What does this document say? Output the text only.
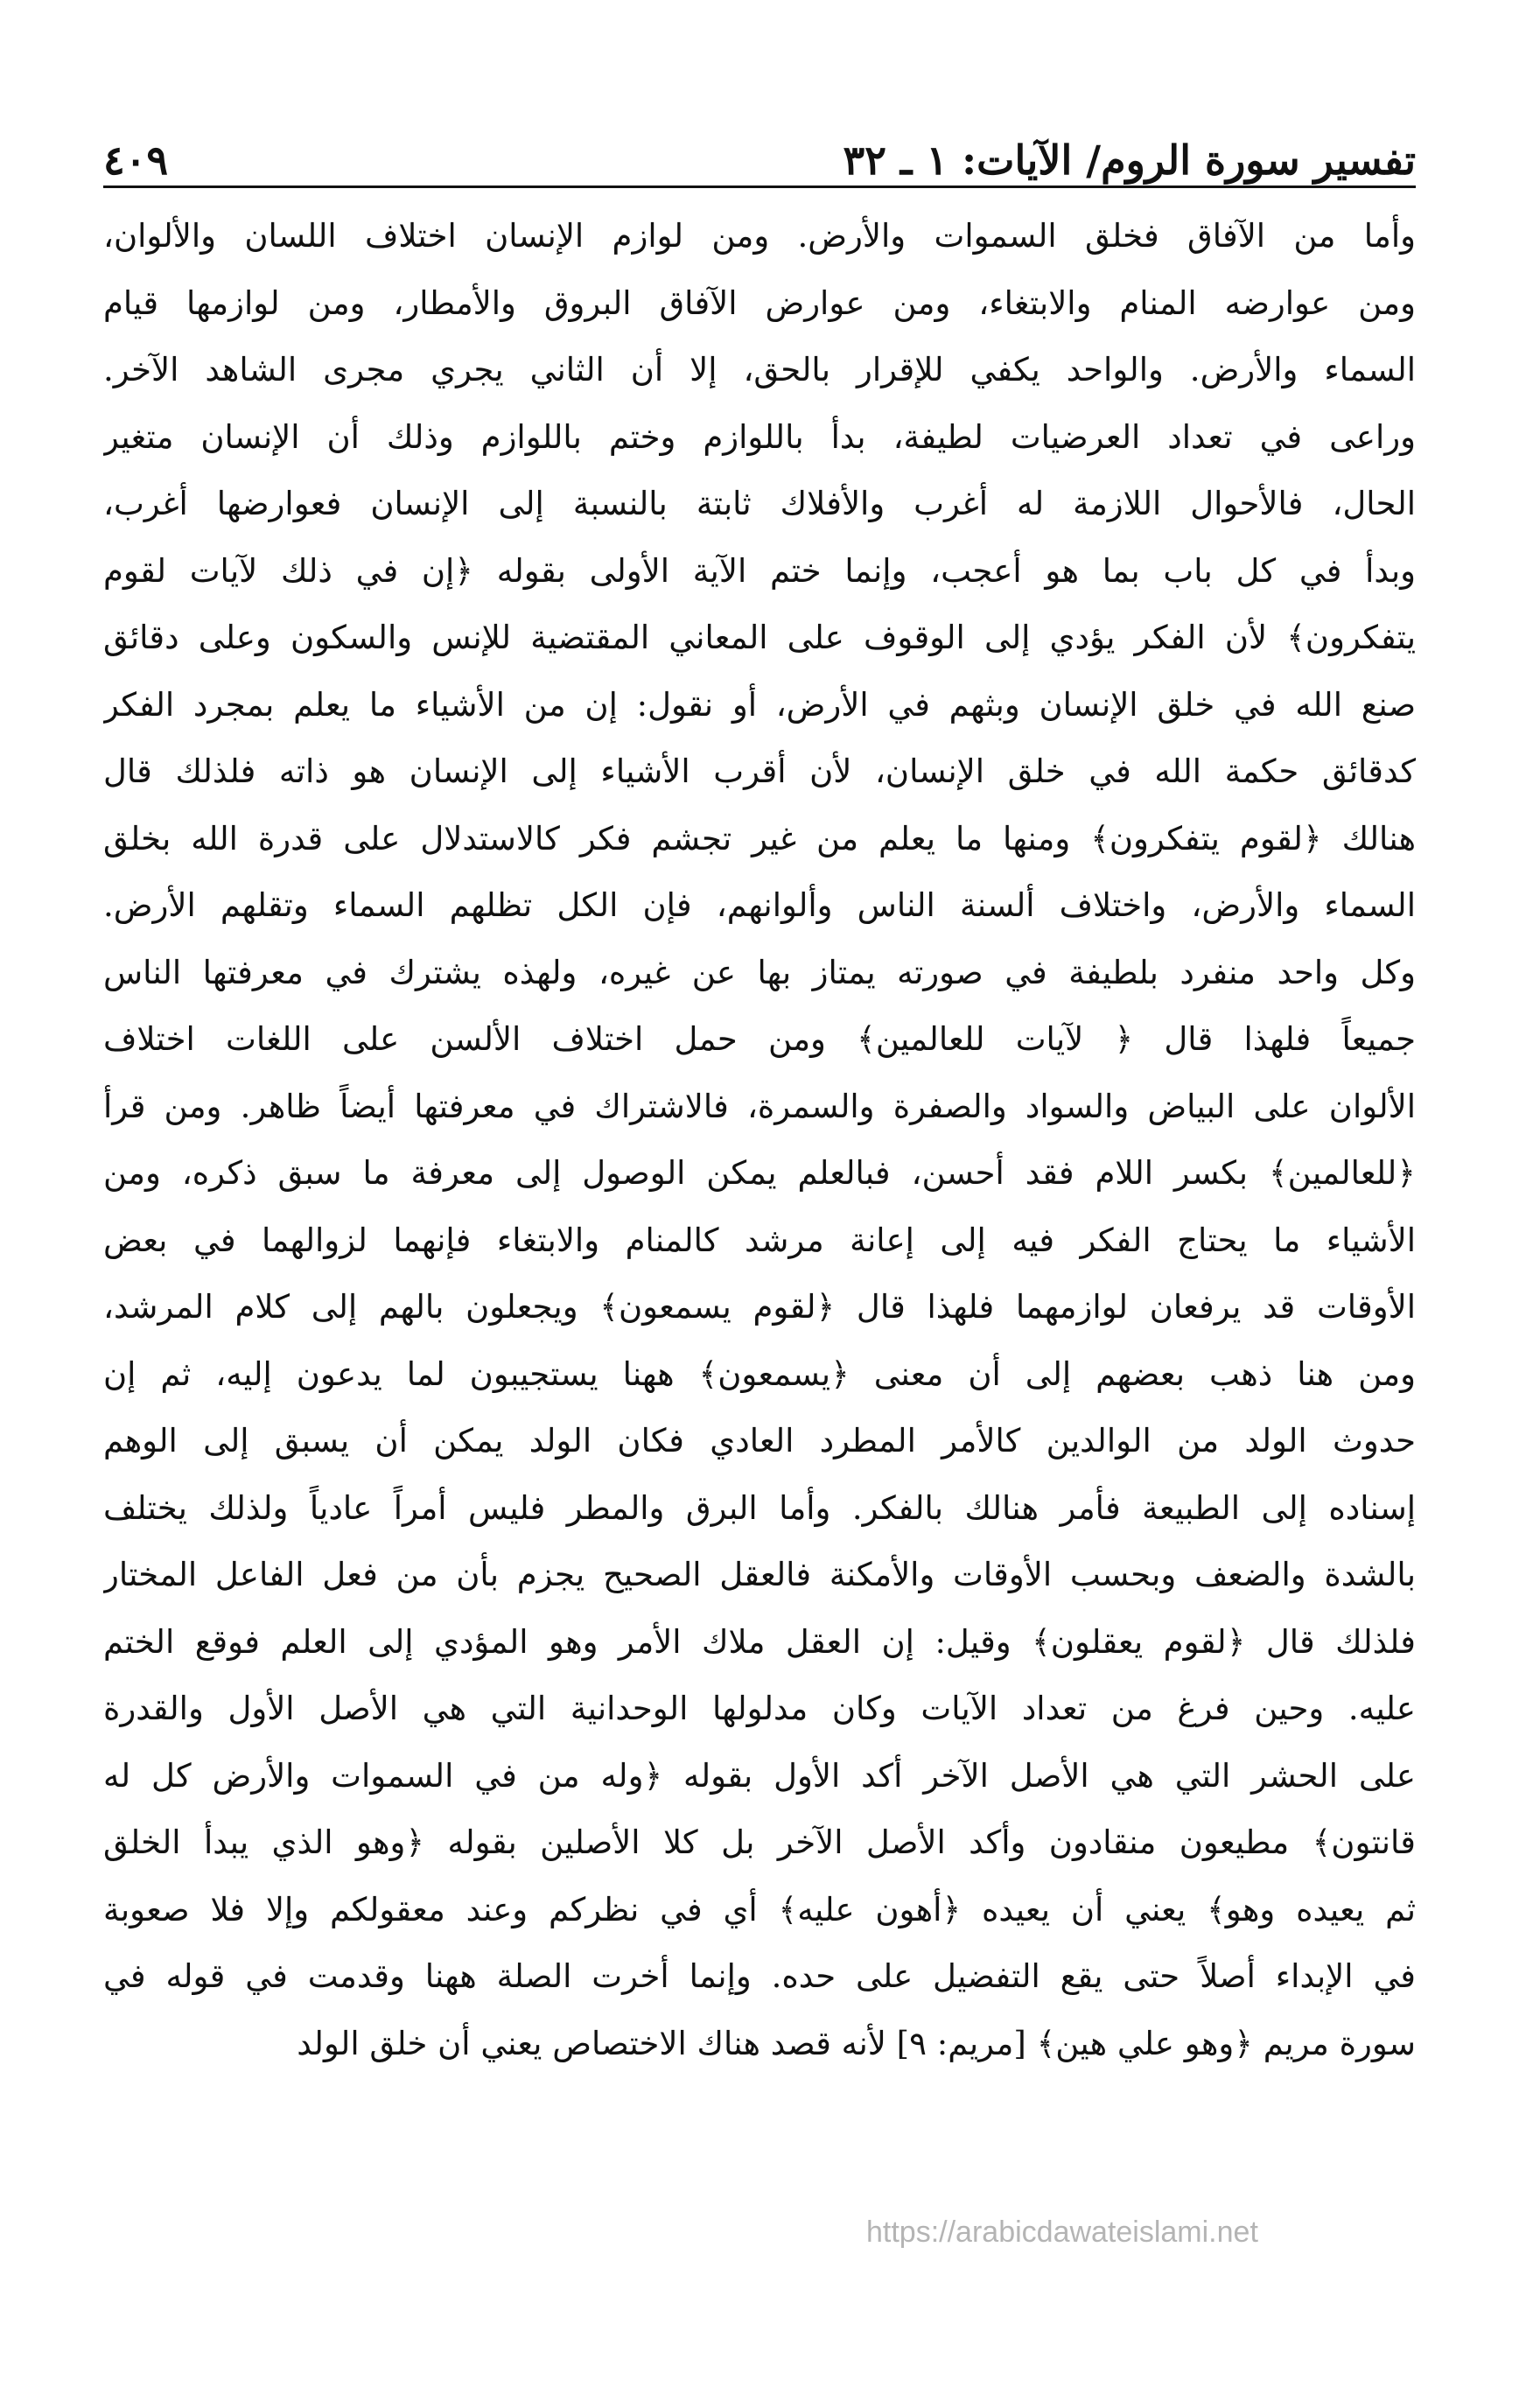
تفسير سورة الروم/ الآيات: ١ ـ ٣٢
٤٠٩
وأما من الآفاق فخلق السموات والأرض. ومن لوازم الإنسان اختلاف اللسان والألوان،
ومن عوارضه المنام والابتغاء، ومن عوارض الآفاق البروق والأمطار، ومن لوازمها قيام
السماء والأرض. والواحد يكفي للإقرار بالحق، إلا أن الثاني يجري مجرى الشاهد الآخر.
وراعى في تعداد العرضيات لطيفة، بدأ باللوازم وختم باللوازم وذلك أن الإنسان متغير
الحال، فالأحوال اللازمة له أغرب والأفلاك ثابتة بالنسبة إلى الإنسان فعوارضها أغرب،
وبدأ في كل باب بما هو أعجب، وإنما ختم الآية الأولى بقوله ﴿إن في ذلك لآيات لقوم
يتفكرون﴾ لأن الفكر يؤدي إلى الوقوف على المعاني المقتضية للإنس والسكون وعلى دقائق
صنع الله في خلق الإنسان وبثهم في الأرض، أو نقول: إن من الأشياء ما يعلم بمجرد الفكر
كدقائق حكمة الله في خلق الإنسان، لأن أقرب الأشياء إلى الإنسان هو ذاته فلذلك قال
هنالك ﴿لقوم يتفكرون﴾ ومنها ما يعلم من غير تجشم فكر كالاستدلال على قدرة الله بخلق
السماء والأرض، واختلاف ألسنة الناس وألوانهم، فإن الكل تظلهم السماء وتقلهم الأرض.
وكل واحد منفرد بلطيفة في صورته يمتاز بها عن غيره، ولهذه يشترك في معرفتها الناس
جميعاً فلهذا قال ﴿ لآيات للعالمين﴾ ومن حمل اختلاف الألسن على اللغات اختلاف
الألوان على البياض والسواد والصفرة والسمرة، فالاشتراك في معرفتها أيضاً ظاهر. ومن قرأ
﴿للعالمين﴾ بكسر اللام فقد أحسن، فبالعلم يمكن الوصول إلى معرفة ما سبق ذكره، ومن
الأشياء ما يحتاج الفكر فيه إلى إعانة مرشد كالمنام والابتغاء فإنهما لزوالهما في بعض
الأوقات قد يرفعان لوازمهما فلهذا قال ﴿لقوم يسمعون﴾ ويجعلون بالهم إلى كلام المرشد،
ومن هنا ذهب بعضهم إلى أن معنى ﴿يسمعون﴾ ههنا يستجيبون لما يدعون إليه، ثم إن
حدوث الولد من الوالدين كالأمر المطرد العادي فكان الولد يمكن أن يسبق إلى الوهم
إسناده إلى الطبيعة فأمر هنالك بالفكر. وأما البرق والمطر فليس أمراً عادياً ولذلك يختلف
بالشدة والضعف وبحسب الأوقات والأمكنة فالعقل الصحيح يجزم بأن من فعل الفاعل المختار
فلذلك قال ﴿لقوم يعقلون﴾ وقيل: إن العقل ملاك الأمر وهو المؤدي إلى العلم فوقع الختم
عليه. وحين فرغ من تعداد الآيات وكان مدلولها الوحدانية التي هي الأصل الأول والقدرة
على الحشر التي هي الأصل الآخر أكد الأول بقوله ﴿وله من في السموات والأرض كل له
قانتون﴾ مطيعون منقادون وأكد الأصل الآخر بل كلا الأصلين بقوله ﴿وهو الذي يبدأ الخلق
ثم يعيده وهو﴾ يعني أن يعيده ﴿أهون عليه﴾ أي في نظركم وعند معقولكم وإلا فلا صعوبة
في الإبداء أصلاً حتى يقع التفضيل على حده. وإنما أخرت الصلة ههنا وقدمت في قوله في
سورة مريم ﴿وهو علي هين﴾ [مريم: ٩] لأنه قصد هناك الاختصاص يعني أن خلق الولد
https://arabicdawateislami.net
